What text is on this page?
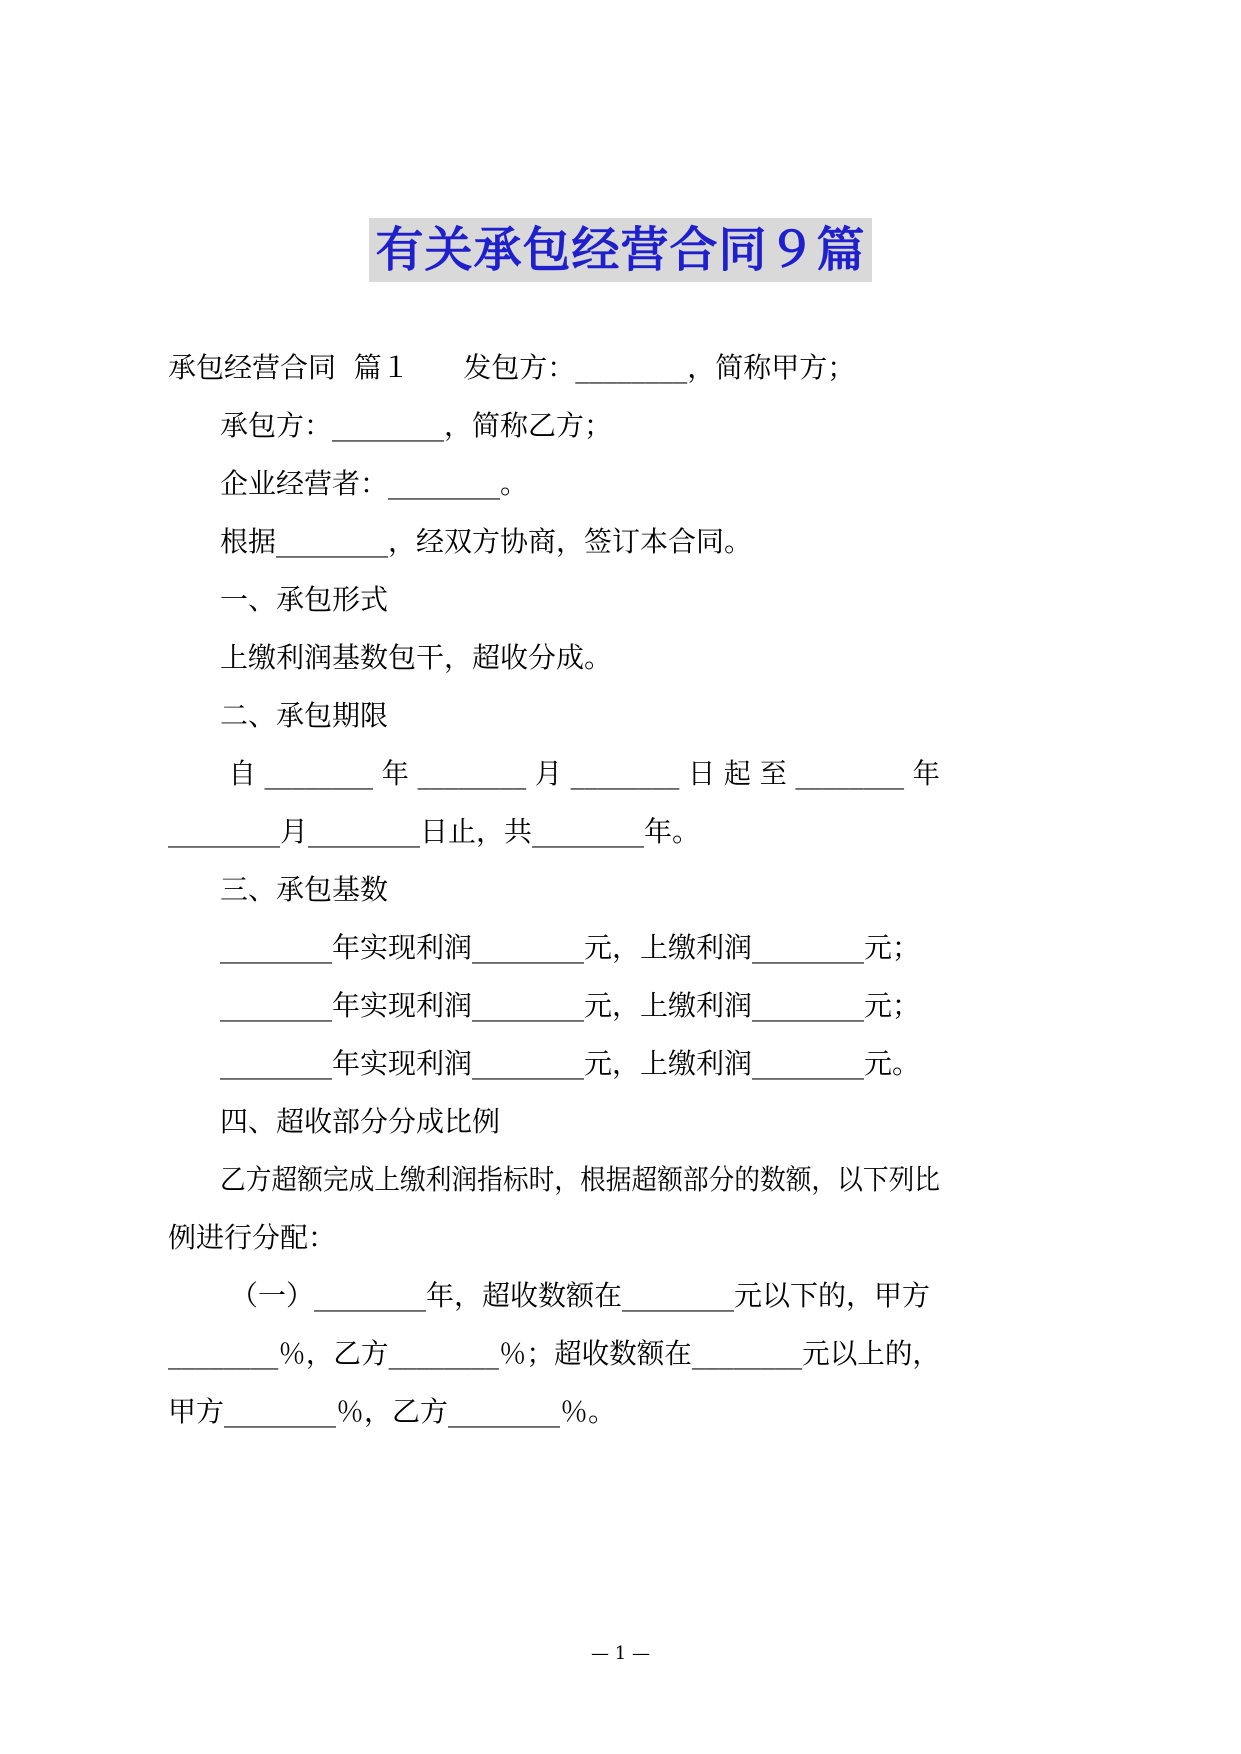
有关承包经营合同９篇
承包经营合同  篇１      发包方：________，简称甲方；
承包方：________，简称乙方；
企业经营者：________。
根据________，经双方协商，签订本合同。
一、承包形式
上缴利润基数包干，超收分成。
二、承包期限
自 ________ 年 ________ 月 ________ 日 起 至 ________ 年
________月________日止，共________年。
三、承包基数
________年实现利润________元，上缴利润________元；
________年实现利润________元，上缴利润________元；
________年实现利润________元，上缴利润________元。
四、超收部分分成比例
乙方超额完成上缴利润指标时，根据超额部分的数额，以下列比
例进行分配：
（一）________年，超收数额在________元以下的，甲方
________％，乙方________％；超收数额在________元以上的，
甲方________％，乙方________％。
— 1 —
